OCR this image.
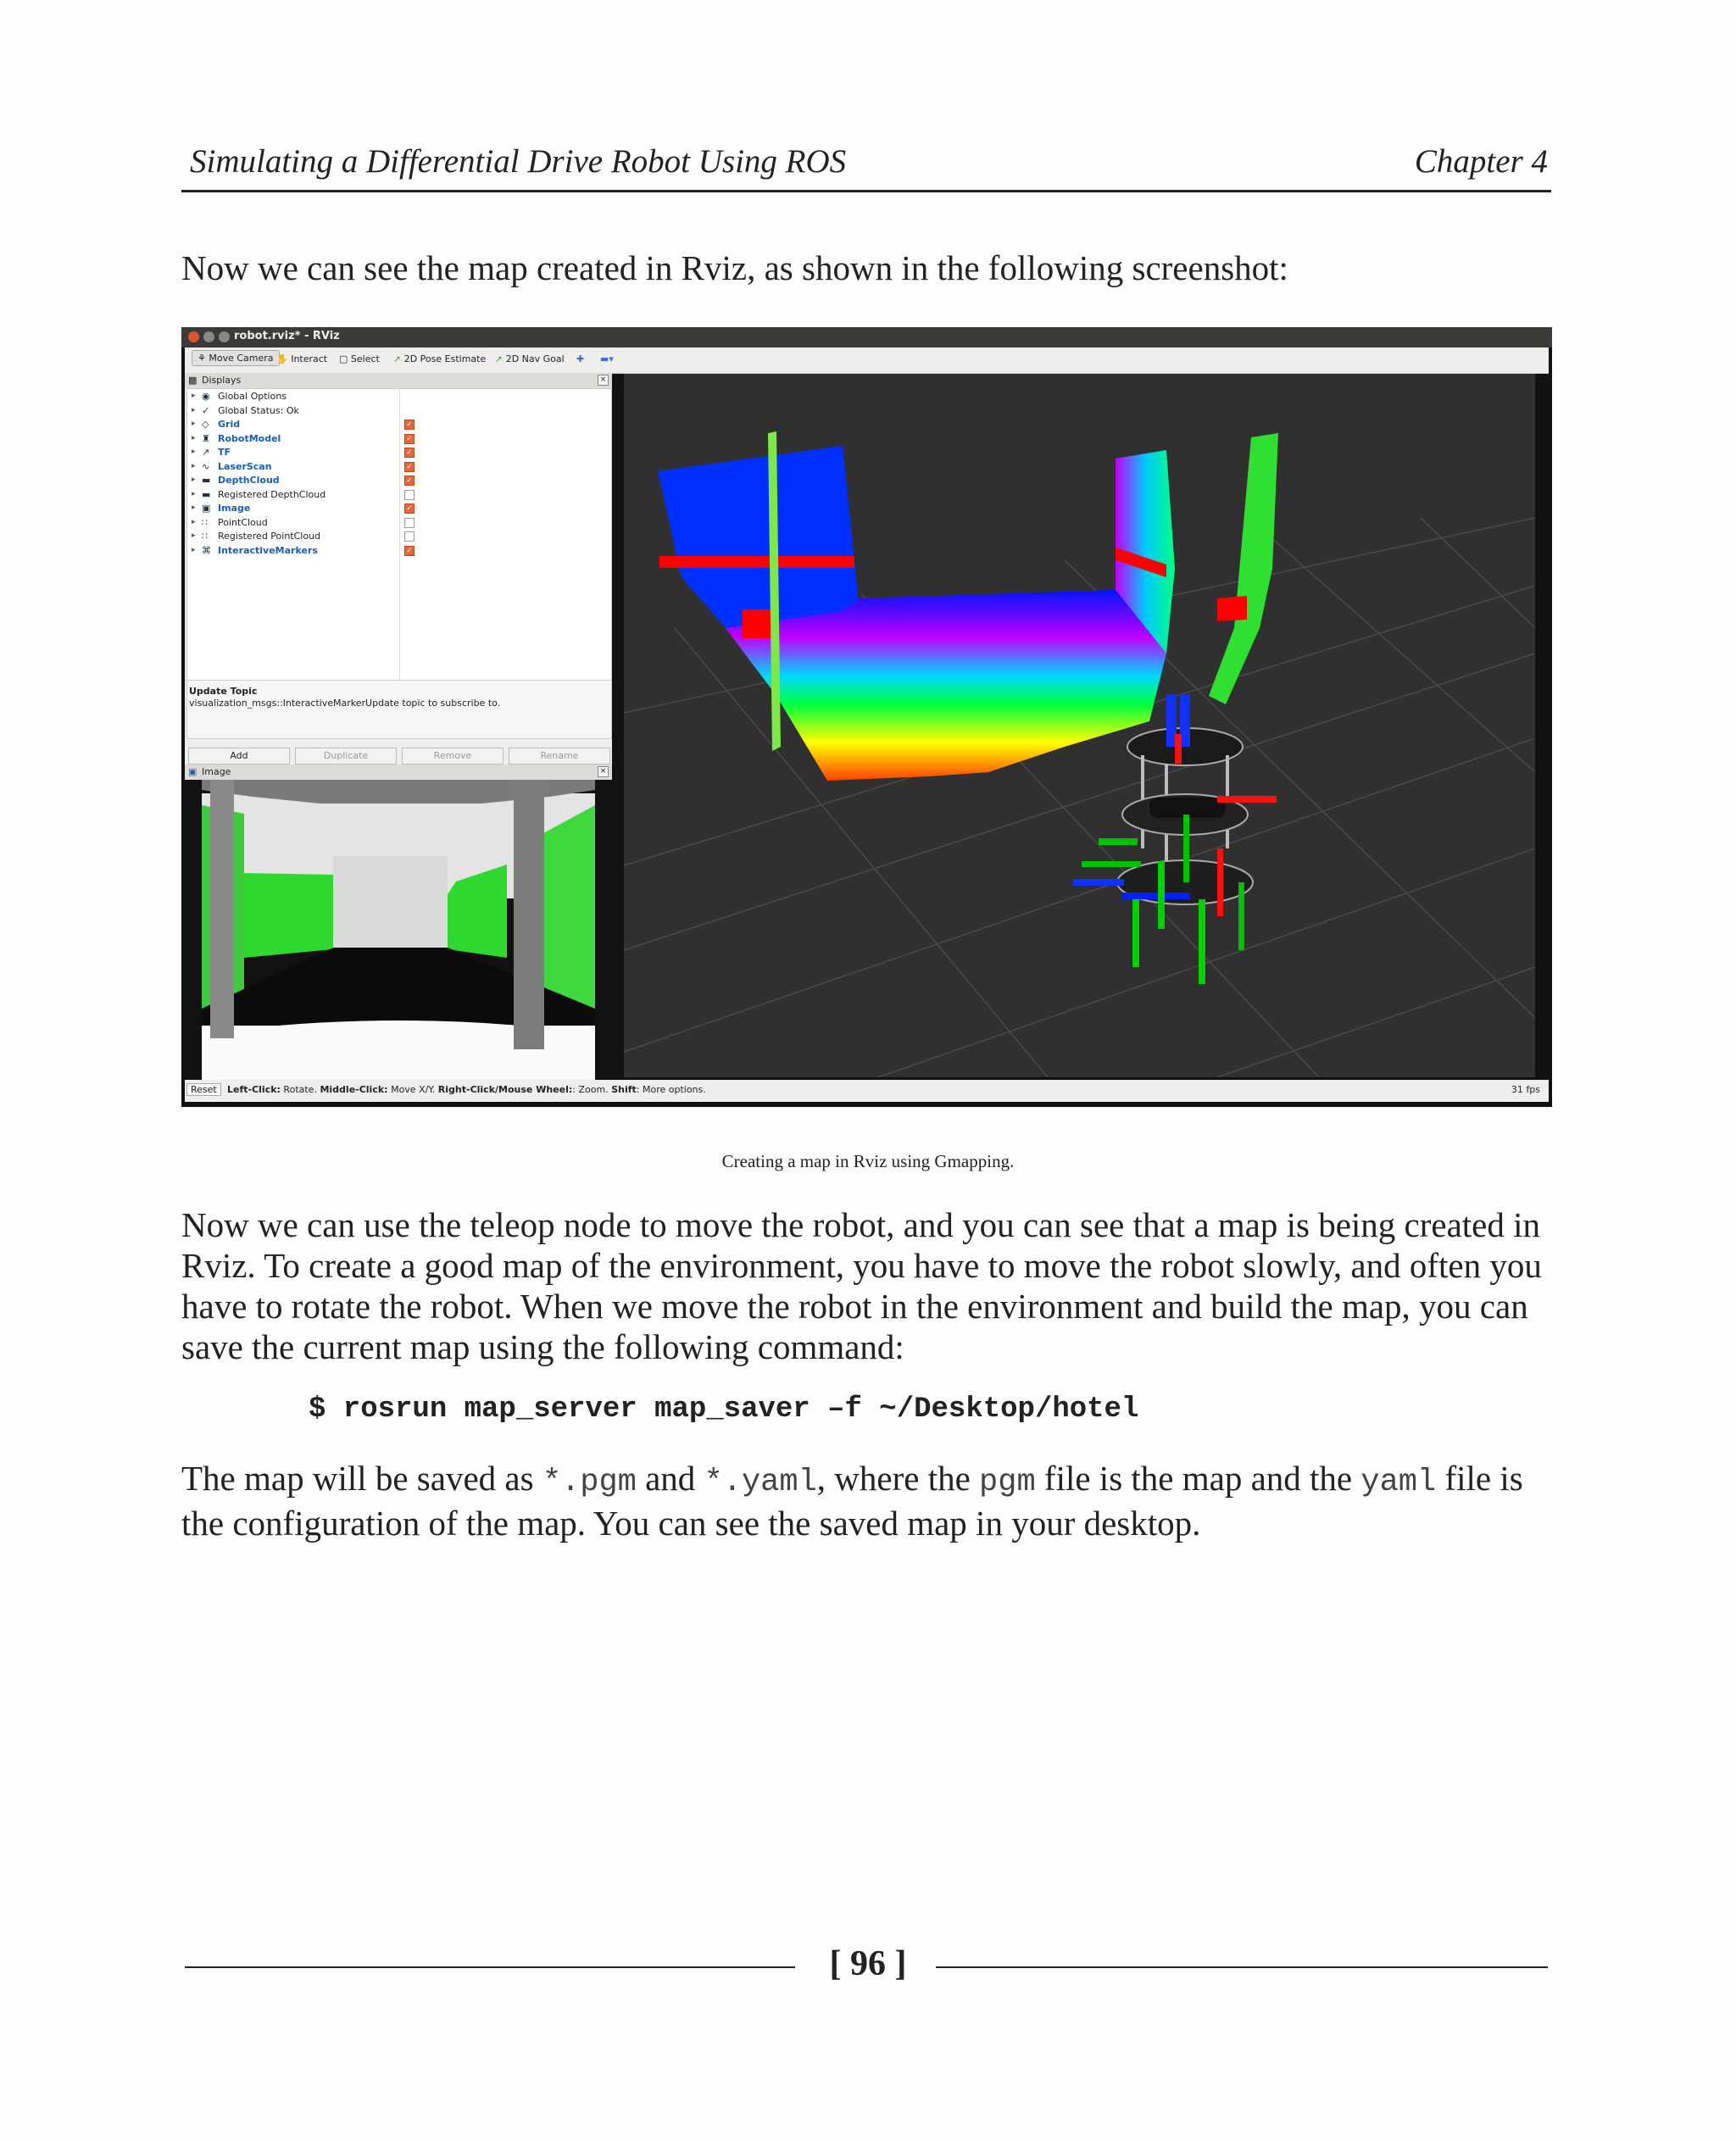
Simulating a Differential Drive Robot Using ROS	Chapter 4
Now we can see the map created in Rviz, as shown in the following screenshot:
robot.rviz* - RViz
⚘ Move Camera ✋ Interact ▢ Select ➚ 2D Pose Estimate ➚ 2D Nav Goal ✚ ▬▾
▩ Displays	×
▸ ◉ Global Options
▸ ✓ Global Status: Ok
▸ ◇ Grid	✓
▸ ♜ RobotModel	✓
▸ ↗ TF	✓
▸ ∿ LaserScan	✓
▸ ▬ DepthCloud	✓
▸ ▬ Registered DepthCloud
▸ ▣ Image	✓
▸ ∷ PointCloud
▸ ∷ Registered PointCloud
▸ ⌘ InteractiveMarkers	✓
Update Topic
visualization_msgs::InteractiveMarkerUpdate topic to subscribe to.
Add	Duplicate	Remove	Rename
▣ Image	×
Reset	Left-Click: Rotate. Middle-Click: Move X/Y. Right-Click/Mouse Wheel:: Zoom. Shift: More options.	31 fps
Creating a map in Rviz using Gmapping.
Now we can use the teleop node to move the robot, and you can see that a map is being created in Rviz. To create a good map of the environment, you have to move the robot slowly, and often you have to rotate the robot. When we move the robot in the environment and build the map, you can save the current map using the following command:
$ rosrun map_server map_saver –f ~/Desktop/hotel
The map will be saved as *.pgm and *.yaml, where the pgm file is the map and the yaml file is the configuration of the map. You can see the saved map in your desktop.
[ 96 ]
